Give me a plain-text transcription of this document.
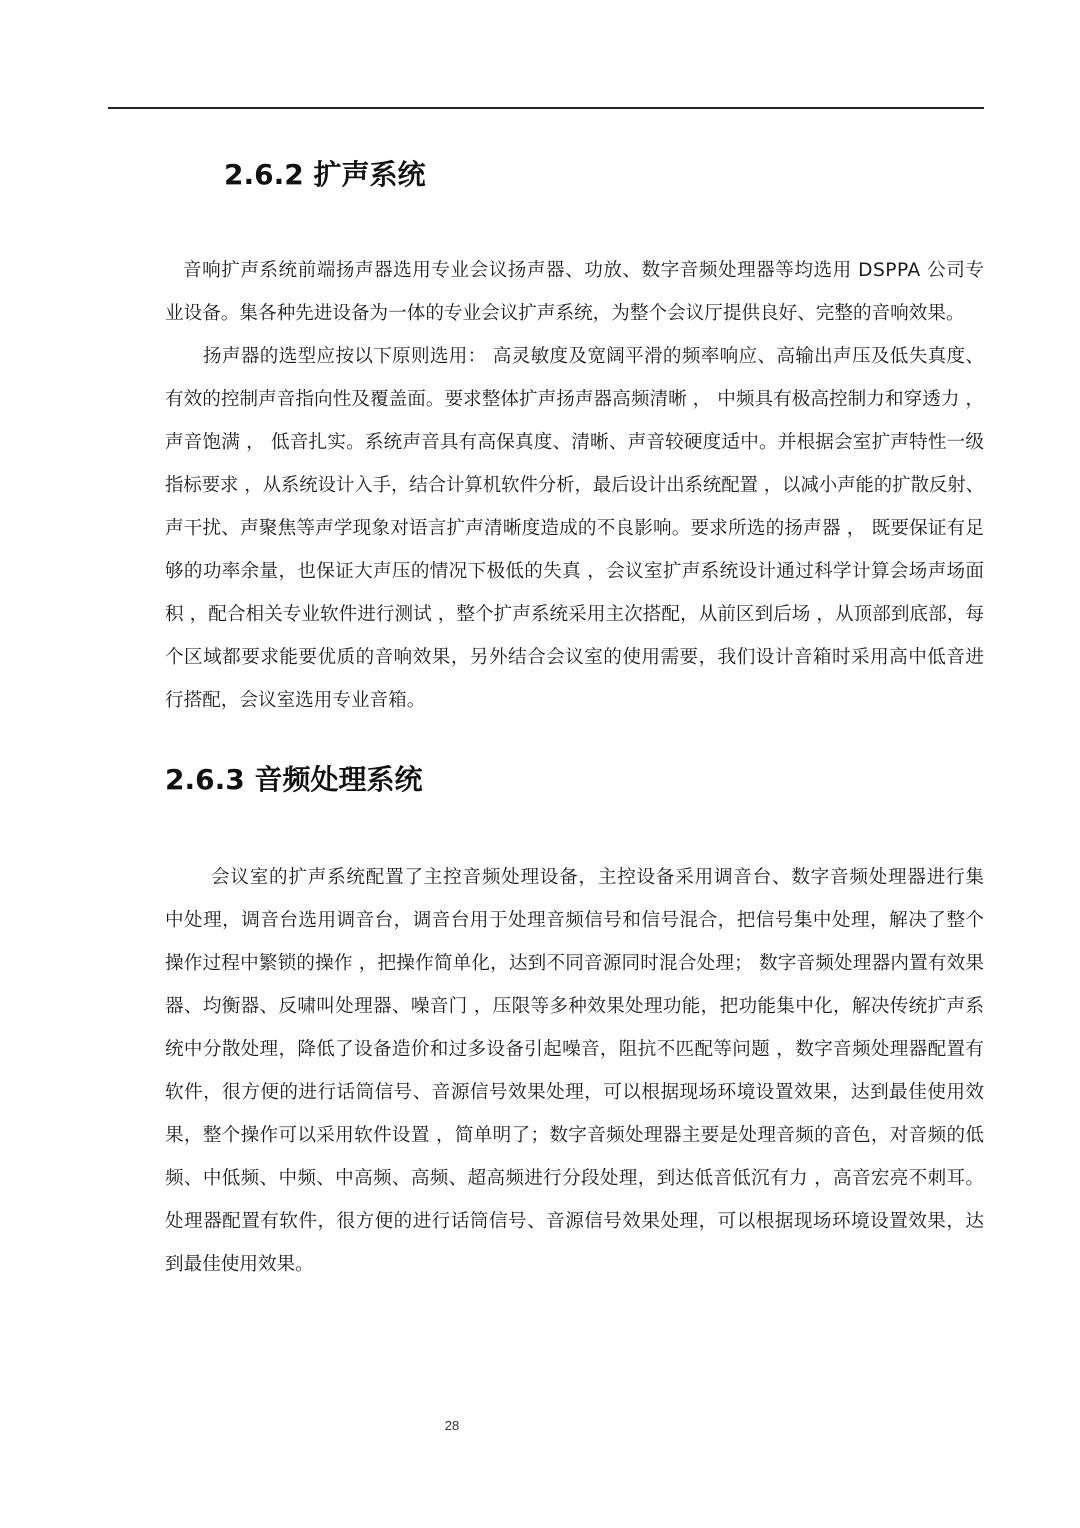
2.6.2 扩声系统
音响扩声系统前端扬声器选用专业会议扬声器、功放、数字音频处理器等均选用 DSPPA 公司专
业设备。集各种先进设备为一体的专业会议扩声系统，为整个会议厅提供良好、完整的音响效果。
扬声器的选型应按以下原则选用： 高灵敏度及宽阔平滑的频率响应、高输出声压及低失真度、
有效的控制声音指向性及覆盖面。要求整体扩声扬声器高频清晰 ， 中频具有极高控制力和穿透力 ，
声音饱满 ， 低音扎实。系统声音具有高保真度、清晰、声音较硬度适中。并根据会室扩声特性一级
指标要求 ，从系统设计入手，结合计算机软件分析，最后设计出系统配置 ，以减小声能的扩散反射、
声干扰、声聚焦等声学现象对语言扩声清晰度造成的不良影响。要求所选的扬声器 ， 既要保证有足
够的功率余量，也保证大声压的情况下极低的失真 ，会议室扩声系统设计通过科学计算会场声场面
积 ，配合相关专业软件进行测试 ，整个扩声系统采用主次搭配，从前区到后场 ，从顶部到底部，每
个区域都要求能要优质的音响效果，另外结合会议室的使用需要，我们设计音箱时采用高中低音进
行搭配，会议室选用专业音箱。
2.6.3 音频处理系统
会议室的扩声系统配置了主控音频处理设备，主控设备采用调音台、数字音频处理器进行集
中处理，调音台选用调音台，调音台用于处理音频信号和信号混合，把信号集中处理，解决了整个
操作过程中繁锁的操作 ，把操作简单化，达到不同音源同时混合处理； 数字音频处理器内置有效果
器、均衡器、反啸叫处理器、噪音门 ，压限等多种效果处理功能，把功能集中化，解决传统扩声系
统中分散处理，降低了设备造价和过多设备引起噪音，阻抗不匹配等问题 ，数字音频处理器配置有
软件，很方便的进行话筒信号、音源信号效果处理，可以根据现场环境设置效果，达到最佳使用效
果，整个操作可以采用软件设置 ，简单明了；数字音频处理器主要是处理音频的音色，对音频的低
频、中低频、中频、中高频、高频、超高频进行分段处理，到达低音低沉有力 ，高音宏亮不刺耳。
处理器配置有软件，很方便的进行话筒信号、音源信号效果处理，可以根据现场环境设置效果，达
到最佳使用效果。
28
